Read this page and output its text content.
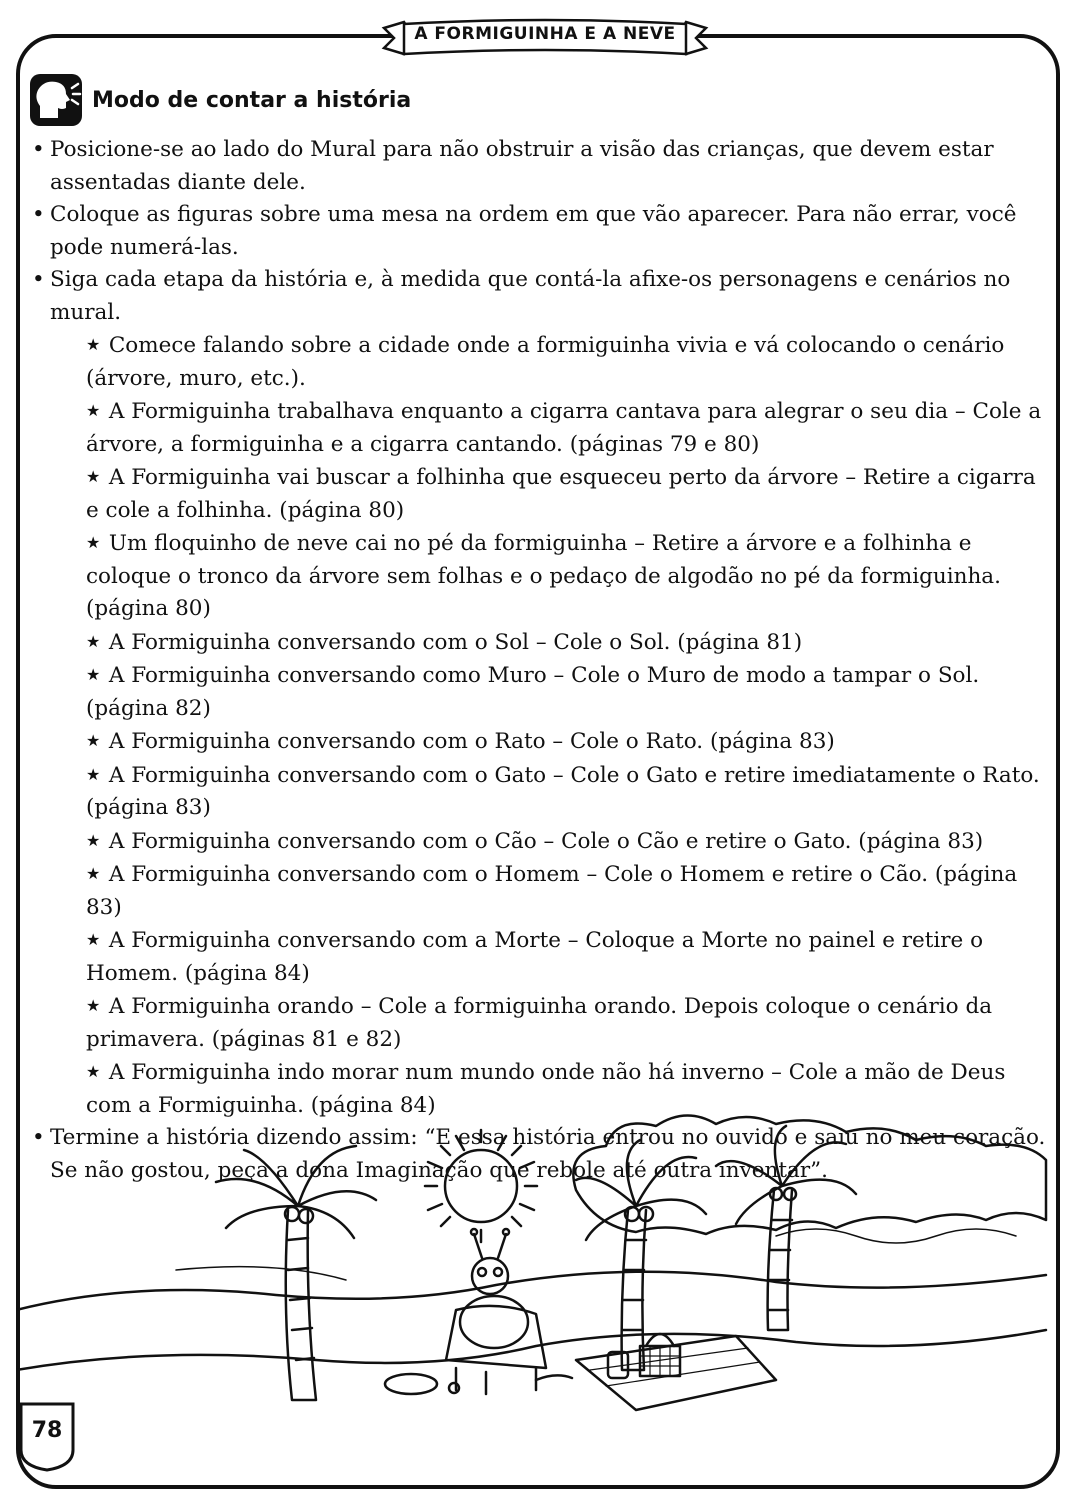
A FORMIGUINHA E A NEVE
Modo de contar a história
• Posicione-se ao lado do Mural para não obstruir a visão das crianças, que devem estar assentadas diante dele.
• Coloque as figuras sobre uma mesa na ordem em que vão aparecer. Para não errar, você pode numerá-las.
• Siga cada etapa da história e, à medida que contá-la afixe-os personagens e cenários no mural.
★ Comece falando sobre a cidade onde a formiguinha vivia e vá colocando o cenário (árvore, muro, etc.).
★ A Formiguinha trabalhava enquanto a cigarra cantava para alegrar o seu dia – Cole a árvore, a formiguinha e a cigarra cantando. (páginas 79 e 80)
★ A Formiguinha vai buscar a folhinha que esqueceu perto da árvore – Retire a cigarra e cole a folhinha. (página 80)
★ Um floquinho de neve cai no pé da formiguinha – Retire a árvore e a folhinha e coloque o tronco da árvore sem folhas e o pedaço de algodão no pé da formiguinha. (página 80)
★ A Formiguinha conversando com o Sol – Cole o Sol. (página 81)
★ A Formiguinha conversando como Muro – Cole o Muro de modo a tampar o Sol. (página 82)
★ A Formiguinha conversando com o Rato – Cole o Rato. (página 83)
★ A Formiguinha conversando com o Gato – Cole o Gato e retire imediatamente o Rato. (página 83)
★ A Formiguinha conversando com o Cão – Cole o Cão e retire o Gato. (página 83)
★ A Formiguinha conversando com o Homem – Cole o Homem e retire o Cão. (página 83)
★ A Formiguinha conversando com a Morte – Coloque a Morte no painel e retire o Homem. (página 84)
★ A Formiguinha orando – Cole a formiguinha orando. Depois coloque o cenário da primavera. (páginas 81 e 82)
★ A Formiguinha indo morar num mundo onde não há inverno – Cole a mão de Deus com a Formiguinha. (página 84)
• Termine a história dizendo assim: “E essa história entrou no ouvido e saiu no meu coração. Se não gostou, peça a dona Imaginação que rebole até outra inventar”.
78
